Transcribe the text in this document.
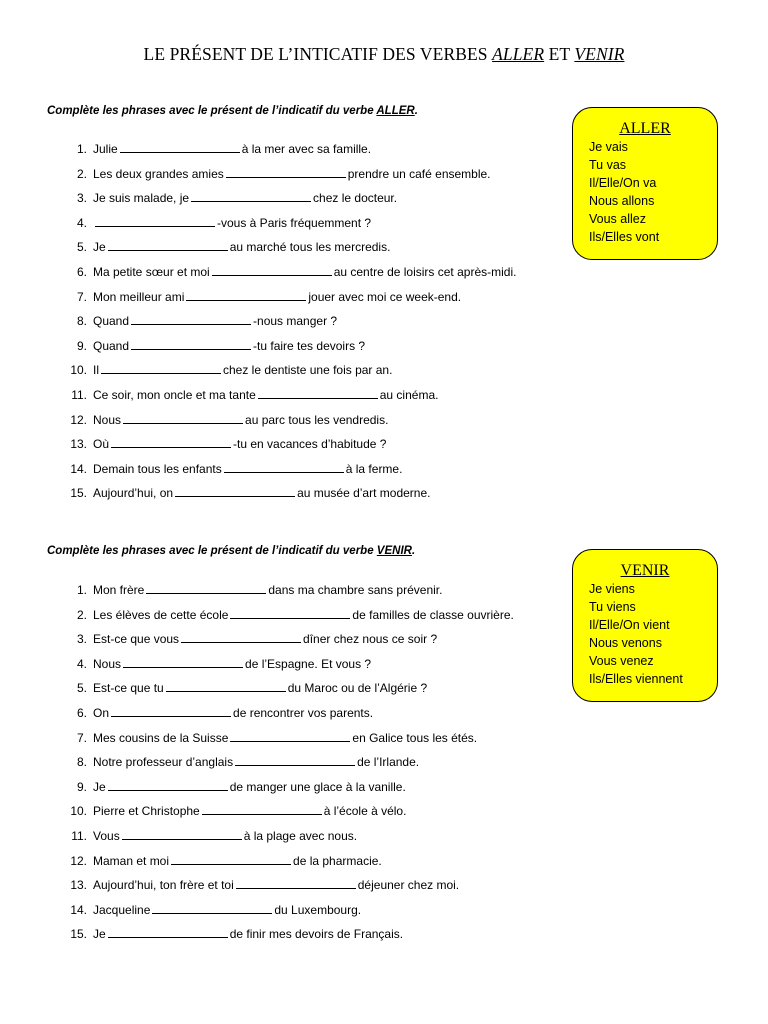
LE PRÉSENT DE L’INTICATIF DES VERBES ALLER ET VENIR
Complète les phrases avec le présent de l’indicatif du verbe ALLER.
ALLER
Je vais
Tu vas
Il/Elle/On va
Nous allons
Vous allez
Ils/Elles vont
1. Julie	à la mer avec sa famille.
2. Les deux grandes amies	prendre un café ensemble.
3. Je suis malade, je	chez le docteur.
4.	-vous à Paris fréquemment ?
5. Je	au marché tous les mercredis.
6. Ma petite sœur et moi	au centre de loisirs cet après-midi.
7. Mon meilleur ami	jouer avec moi ce week-end.
8. Quand	-nous manger ?
9. Quand	-tu faire tes devoirs ?
10. Il	chez le dentiste une fois par an.
11. Ce soir, mon oncle et ma tante	au cinéma.
12. Nous	au parc tous les vendredis.
13. Où	-tu en vacances d’habitude ?
14. Demain tous les enfants	à la ferme.
15. Aujourd’hui, on	au musée d’art moderne.
Complète les phrases avec le présent de l’indicatif du verbe VENIR.
VENIR
Je viens
Tu viens
Il/Elle/On vient
Nous venons
Vous venez
Ils/Elles viennent
1. Mon frère	dans ma chambre sans prévenir.
2. Les élèves de cette école	de familles de classe ouvrière.
3. Est-ce que vous	dîner chez nous ce soir ?
4. Nous	de l’Espagne. Et vous ?
5. Est-ce que tu	du Maroc ou de l’Algérie ?
6. On	de rencontrer vos parents.
7. Mes cousins de la Suisse	en Galice tous les étés.
8. Notre professeur d’anglais	de l’Irlande.
9. Je	de manger une glace à la vanille.
10. Pierre et Christophe	à l’école à vélo.
11. Vous	à la plage avec nous.
12. Maman et moi	de la pharmacie.
13. Aujourd’hui, ton frère et toi	déjeuner chez moi.
14. Jacqueline	du Luxembourg.
15. Je	de finir mes devoirs de Français.
